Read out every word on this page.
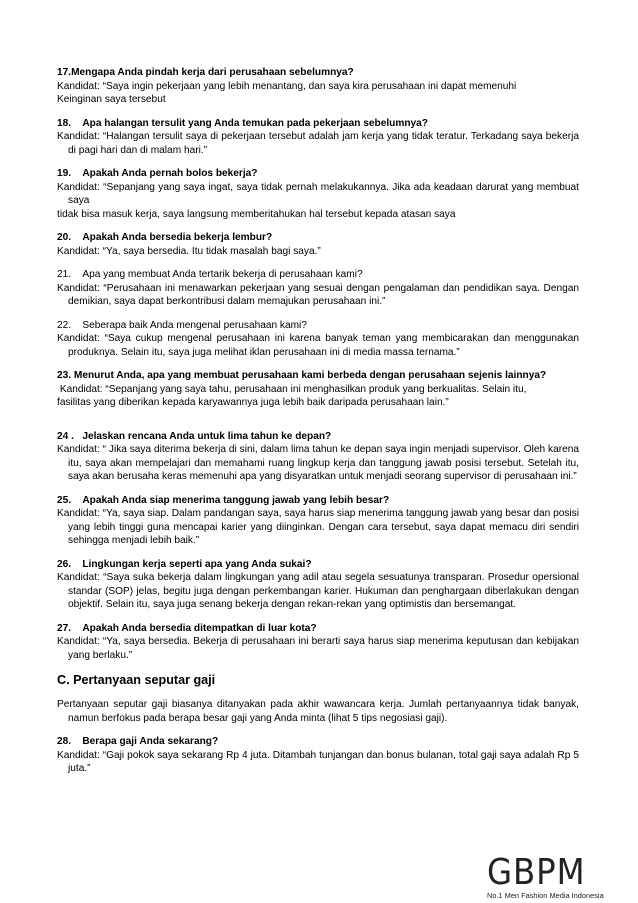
17.Mengapa Anda pindah kerja dari perusahaan sebelumnya?

Kandidat: “Saya ingin pekerjaan yang lebih menantang, dan saya kira perusahaan ini dapat memenuhi

Keinginan saya tersebut

18.    Apa halangan tersulit yang Anda temukan pada pekerjaan sebelumnya?

Kandidat: “Halangan tersulit saya di pekerjaan tersebut adalah jam kerja yang tidak teratur. Terkadang saya bekerja di pagi hari dan di malam hari.”

19.    Apakah Anda pernah bolos bekerja?

Kandidat: “Sepanjang yang saya ingat, saya tidak pernah melakukannya. Jika ada keadaan darurat yang membuat saya

tidak bisa masuk kerja, saya langsung memberitahukan hal tersebut kepada atasan saya

20.    Apakah Anda bersedia bekerja lembur?

Kandidat: “Ya, saya bersedia. Itu tidak masalah bagi saya.”

21.    Apa yang membuat Anda tertarik bekerja di perusahaan kami?

Kandidat: “Perusahaan ini menawarkan pekerjaan yang sesuai dengan pengalaman dan pendidikan saya. Dengan demikian, saya dapat berkontribusi dalam memajukan perusahaan ini.”

22.    Seberapa baik Anda mengenal perusahaan kami?

Kandidat: “Saya cukup mengenal perusahaan ini karena banyak teman yang membicarakan dan menggunakan produknya. Selain itu, saya juga melihat iklan perusahaan ini di media massa ternama.”

23. Menurut Anda, apa yang membuat perusahaan kami berbeda dengan perusahaan sejenis lainnya?

Kandidat: “Sepanjang yang saya tahu, perusahaan ini menghasilkan produk yang berkualitas. Selain itu,

fasilitas yang diberikan kepada karyawannya juga lebih baik daripada perusahaan lain.”

24 .   Jelaskan rencana Anda untuk lima tahun ke depan?

Kandidat: “ Jika saya diterima bekerja di sini, dalam lima tahun ke depan saya ingin menjadi supervisor. Oleh karena itu, saya akan mempelajari dan memahami ruang lingkup kerja dan tanggung jawab posisi tersebut. Setelah itu, saya akan berusaha keras memenuhi apa yang disyaratkan untuk menjadi seorang supervisor di perusahaan ini.”

25.    Apakah Anda siap menerima tanggung jawab yang lebih besar?

Kandidat: “Ya, saya siap. Dalam pandangan saya, saya harus siap menerima tanggung jawab yang besar dan posisi yang lebih tinggi guna mencapai karier yang diinginkan. Dengan cara tersebut, saya dapat memacu diri sendiri sehingga menjadi lebih baik.”

26.    Lingkungan kerja seperti apa yang Anda sukai?

Kandidat: “Saya suka bekerja dalam lingkungan yang adil atau segela sesuatunya transparan. Prosedur opersional standar (SOP) jelas, begitu juga dengan perkembangan karier. Hukuman dan penghargaan diberlakukan dengan objektif. Selain itu, saya juga senang bekerja dengan rekan-rekan yang optimistis dan bersemangat.

27.    Apakah Anda bersedia ditempatkan di luar kota?

Kandidat: “Ya, saya bersedia. Bekerja di perusahaan ini berarti saya harus siap menerima keputusan dan kebijakan yang berlaku.”

C. Pertanyaan seputar gaji

Pertanyaan seputar gaji biasanya ditanyakan pada akhir wawancara kerja. Jumlah pertanyaannya tidak banyak, namun berfokus pada berapa besar gaji yang Anda minta (lihat 5 tips negosiasi gaji).

28.    Berapa gaji Anda sekarang?

Kandidat: “Gaji pokok saya sekarang Rp 4 juta. Ditambah tunjangan dan bonus bulanan, total gaji saya adalah Rp 5 juta.”

GBPM
No.1 Men Fashion Media Indonesia
